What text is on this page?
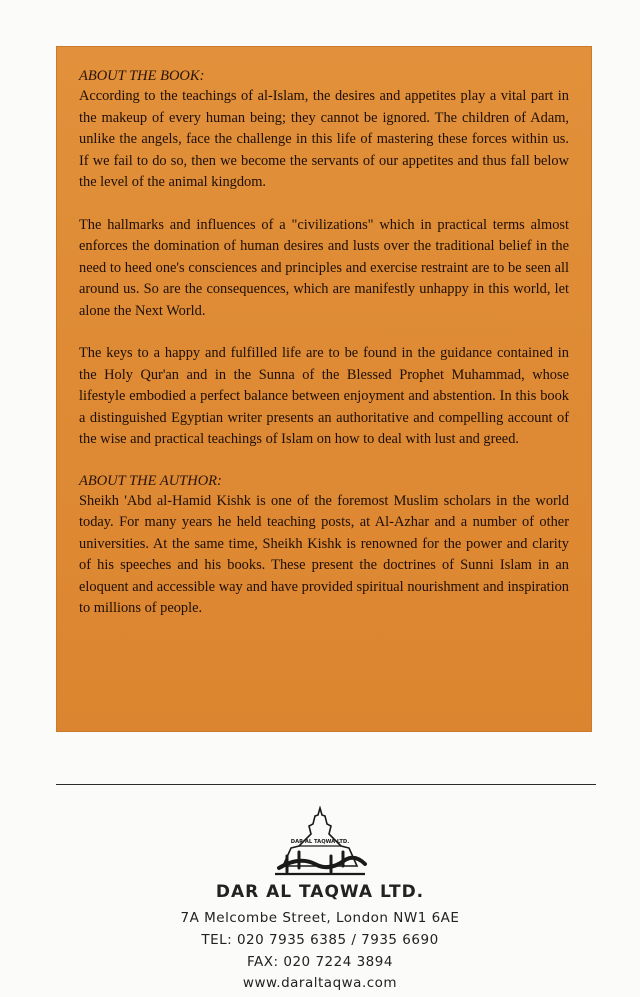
ABOUT THE BOOK:

According to the teachings of al-Islam, the desires and appetites play a vital part in the makeup of every human being; they cannot be ignored. The children of Adam, unlike the angels, face the challenge in this life of mastering these forces within us. If we fail to do so, then we become the servants of our appetites and thus fall below the level of the animal kingdom.

The hallmarks and influences of a "civilizations" which in practical terms almost enforces the domination of human desires and lusts over the traditional belief in the need to heed one's consciences and principles and exercise restraint are to be seen all around us. So are the consequences, which are manifestly unhappy in this world, let alone the Next World.

The keys to a happy and fulfilled life are to be found in the guidance contained in the Holy Qur'an and in the Sunna of the Blessed Prophet Muhammad, whose lifestyle embodied a perfect balance between enjoyment and abstention. In this book a distinguished Egyptian writer presents an authoritative and compelling account of the wise and practical teachings of Islam on how to deal with lust and greed.

ABOUT THE AUTHOR:

Sheikh 'Abd al-Hamid Kishk is one of the foremost Muslim scholars in the world today. For many years he held teaching posts, at Al-Azhar and a number of other universities. At the same time, Sheikh Kishk is renowned for the power and clarity of his speeches and his books. These present the doctrines of Sunni Islam in an eloquent and accessible way and have provided spiritual nourishment and inspiration to millions of people.

DAR AL TAQWA LTD.
DAR AL TAQWA LTD.
7A Melcombe Street, London NW1 6AE
TEL: 020 7935 6385 / 7935 6690
FAX: 020 7224 3894
www.daraltaqwa.com
